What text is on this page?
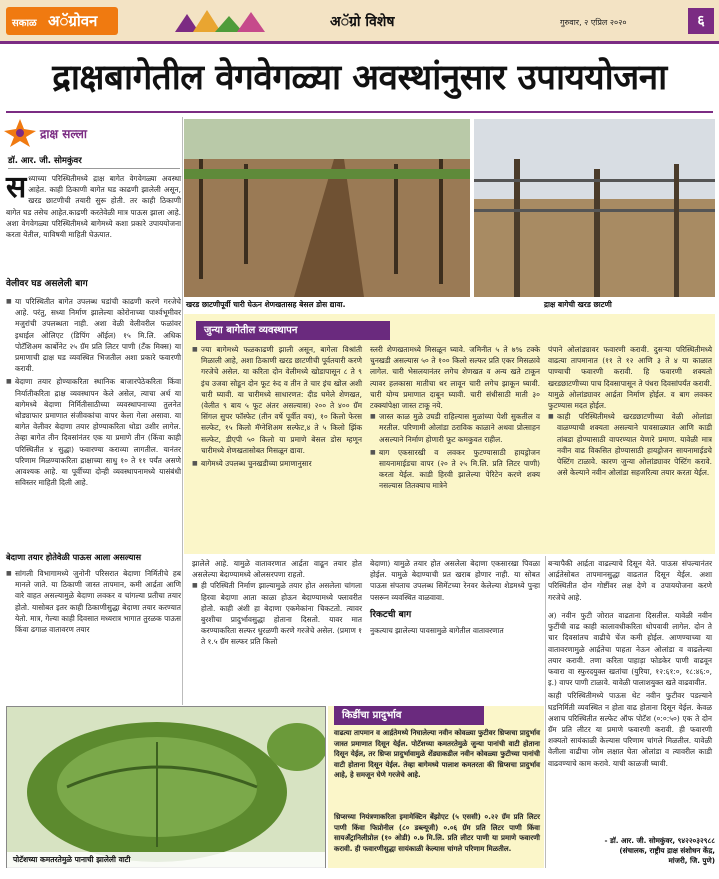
सकाळ अॅग्रोवन	अॅग्रो विशेष	गुरुवार, २ एप्रिल २०२०	६
द्राक्षबागेतील वेगवेगळ्या अवस्थांनुसार उपाययोजना
द्राक्ष सल्ला
डॉ. आर. जी. सोमकुंवर
स ध्याच्या परिस्थितीमध्ये द्राक्ष बागेत वेगवेगळ्या अवस्था आहेत. काही ठिकाणी बागेत घड काढणी झालेली असून, खरड छाटणीची तयारी सुरू होती. तर काही ठिकाणी बागेत घड तसेच आहेत.काढणी करतेवेळी मात्र पाऊस झाला आहे. अशा वेगवेगळ्या परिस्थितीमध्ये बागेमध्ये कशा प्रकारे उपाययोजना करता येतील, याविषयी माहिती घेऊयात.

वेलीवर घड असलेली बाग
■ या परिस्थितीत बागेत उपलब्ध घडांची काढणी करणे गरजेचे आहे. परंतु, सध्या निर्माण झालेल्या कोरोनाच्या पार्श्वभूमीवर मजुरांची उपलब्धता नाही. अशा वेळी वेलीवरील फळांवर इथाईल ओलिएट (डिपिंग ऑईल) १५ मि.लि. अधिक पोटॅशिअम कार्बोनेट २५ ग्रॅम प्रति लिटर पाणी (टँक मिक्स) या प्रमाणाची द्राक्ष घड व्यवस्थित भिजतील अशा प्रकारे फवारणी करावी.
■ बेदाणा तयार होण्याकरिता स्थानिक बाजारपेठेकरिता किंवा निर्यातीकरिता द्राक्ष व्यवस्थापन केले असेल, त्याचा अर्थ या बागेमध्ये बेदाणा निर्मितीसाठीच्या व्यवस्थापनाच्या तुलनेत थोड्याफार प्रमाणात संजीवकांचा वापर केला गेला असावा. या बागेत वेलीवर बेदाणा तयार होण्याकरिता थोडा उशीर लागेल. तेव्हा बागेत तीन दिवसांनंतर एक या प्रमाणे तीन (किंवा काही परिस्थितीत ४ सुद्धा) फवारण्या कराव्या लागतील. यानंतर परिणाम मिळण्याकरिता द्राक्षाच्या साधु १० ते ११ पर्यंत असणे आवश्यक आहे. या पूर्वीच्या दोन्ही व्यवस्थापनामध्ये यासंबंधी सविस्तर माहिती दिली आहे.
बेदाणा तयार होतेवेळी पाऊस आला असल्यास
■ सांगली विभागामध्ये जुनोनी परिसरात बेदाणा निर्मितीचे हब मानले जाते. या ठिकाणी जास्त तापमान, कमी आर्द्रता आणि वारे वाहत असल्यामुळे बेदाणा लवकर व चांगल्या प्रतीचा तयार होतो. यासोबत इतर काही ठिकाणीसुद्धा बेदाणा तयार करण्यात येतो. मात्र, गेल्या काही दिवसात मध्यरात्र भागात तुरळक पाऊस किंवा ढगाळ वातावरण तयार
खरड छाटणीपूर्वी चारी घेऊन शेणखतासह बेसल डोस द्यावा.	द्राक्ष बागेची खरड छाटणी
जुन्या बागेतील व्यवस्थापन
■ ज्या बागेमध्ये फळकाढणी झाली असून, बागेला विश्रांती मिळाली आहे, अशा ठिकाणी खरड छाटणीची पूर्वतयारी करणे गरजेचे असेल. या करिता दोन वेलीमध्ये खोडापासून ८ ते ९ इंच उजवा सोडून दोन फूट रुंद व तीन ते चार इंच खोल अशी चारी घ्यावी. या चारीमध्ये साधारणत: दीड घमेले शेणखत, (वेलीत ९ बाय ५ फूट अंतर असल्यास) २०० ते ४०० ग्रॅम सिंगल सुपर फॉस्फेट (तीन वर्षे पूर्वीत वय), १० किलो फेरस सल्फेट, १५ किलो मॅग्नेशिअम सल्फेट,४ ते ५ किलो झिंक सल्फेट, डीएपी ५० किलो या प्रमाणे बेसल डोस म्हणून चारीमध्ये शेणखतासोबत मिसळून द्यावा.
■ बागेमध्ये उपलब्ध चुनखडीच्या प्रमाणानुसार

स्लरी शेणखतामध्ये मिसळून घ्यावे. जमिनीत ५ ते ७% टक्के चुनखडी असल्यास ५० ते १०० किलो सल्फर प्रति एकर मिसळावे लागेल. चारी भेसलयानंतर लगेच शेणखत व अन्य खते टाकून त्यावर हलकासा मातीचा थर लावून चारी लगेच झाकून घ्यावी. चारी योग्य प्रमाणात दाबून घ्यावी. चारी संधीसाठी माती ३० टक्क्यांपेक्षा जास्त टाकू नये.

■ जास्त काळ मुळे उघडी राहिल्यास मुळांच्या पेशी सुकतील व मरतील. परिणामी ओलांडा ठराविक काळाने अथवा प्रोत्साहन असल्याने निर्माण होणारी फूट कमकुवत राहील.
■ बाग एकसारखी व लवकर फुटण्यासाठी हायड्रोजन सायनामाईडचा वापर (२० ते २५ मि.लि. प्रति लिटर पाणी) करता येईल. काडी हिरवी झालेल्या पेरिटेन करणे शक्य नसल्यास तितक्याच मात्रेने

पंपाने ओलांड्यावर फवारणी करावी. दुसऱ्या परिस्थितीमध्ये वाढत्या तापमानात (११ ते १२ आणि ३ ते ४ या काळात पाण्याची फवारणी करावी. हि फवारणी शक्यतो खरडछाटणीच्या पाच दिवसापासून ते पंधरा दिवसांपर्यंत करावी. यामुळे ओलांड्यावर आर्द्रता निर्माण होईल. व बाग लवकर फुटण्यास मदत होईल.

■ काही परिस्थितीमध्ये खरडछाटणीच्या वेळी ओलांडा वाळण्याची शक्यता असल्याने पावसाळ्यात आणि काडी तांबडा होण्यासाठी वापरण्यात येणारे प्रमाण. यावेळी मात्र नवीन वाढ विकसित होण्यासाठी हायड्रोजन सायनामाईडचे पेस्टिंग टाळावे. कारण जुन्या ओलांड्यावर पेस्टिंग करावे. असे केल्याने नवीन ओलांडा सहजरित्या तयार करता येईल.

झालेले आहे. यामुळे वातावरणात आर्द्रता वाढून तयार होत असलेल्या बेदाण्यामध्ये ओलसरपणा राहतो.

■ ही परिस्थिती निर्माण झाल्यामुळे तयार होत असलेला चांगला हिरवा बेदाणा आता काळा होऊन बेदाण्यामध्ये फ्लावरीत होतो. काही अंशी हा बेदाणा एकमेकांना चिकटतो. त्यावर बुरशीचा प्रादुर्भावसुद्धा होताना दिसतो. यावर मात करण्याकरिता सल्फर धुरळणी करणे गरजेचे असेल. (प्रमाण १ ते १.५ ग्रॅम सल्फर प्रति किलो

बेदाणा) यामुळे तयार होत असलेला बेदाणा एकसारखा पिवळा होईल. यामुळे बेदाण्याची प्रत खराब होणार नाही. या सोबत पाऊस संपताच उपलब्ध सिमेंटच्या रेनवर केलेल्या शेडमध्ये पुन्हा पसरून व्यवस्थित वाळवावा.

रिकटची बाग

नुकत्याच झालेल्या पावसामुळे बागेतील वातावरणात

बऱ्यापैकी आर्द्रता वाढल्याचे दिसून येते. पाऊस संपल्यानंतर आर्द्रतेसोबत तापमानसुद्धा वाढतात दिसून येईल. अशा परिस्थितीत दोन गोष्टींवर लक्ष देणे व उपाययोजना करणे गरजेचे आहे.

पोटॅशच्या कमतरतेमुळे पानाची झालेली वाटी
किडींचा प्रादुर्भाव

वाढत्या तापमान व आर्द्रतेमध्ये निघालेल्या नवीन कोवळ्या फुटीवर थ्रिप्सचा प्रादुर्भाव जास्त प्रमाणात दिसून येईल. पोटॅशच्या कमतरतेमुळे जुन्या पानांची वाटी होताना दिसून येईल, तर थ्रिप्स प्रादुर्भावामुळे शेंड्याकडील नवीन कोवळ्या फुटीच्या पानांची वाटी होताना दिसून येईल. तेव्हा बागेमध्ये पालाश कमतरता की थ्रिप्सचा प्रादुर्भाव आहे, हे समजून घेणे गरजेचे आहे.

थ्रिप्सच्या नियंत्रणाकरिता इमामेक्टिन बेंझोएट (५ एससी) ०.२२ ग्रॅम प्रति लिटर पाणी किंवा फिप्रोनील (८० डब्ल्यूजी) ०.०६ ग्रॅम प्रति लिटर पाणी किंवा सायअँट्रानिलीप्रोल (१० ओडी) ०.७ मि.लि. प्रति लीटर पाणी या प्रमाणे फवारणी करावी. ही फवारणीसुद्धा सायंकाळी केल्यास चांगले परिणाम मिळतील.

अ) नवीन फुटी जोरात वाढताना दिसतील. यावेळी नवीन फुटींची वाढ काही कालावधीकरिता थोपवावी लागेल. दोन ते चार दिवसांतच वाढीचे चेंज कमी होईल. आणण्याच्या या वातावरणामुळे आर्द्रतेचा पाहता नेऊन ओलांडा व वाढलेल्या तयार करावी. तणा करिता पाहाड़ा फोडकेर पाणी वाढवून फवारा वा स्फुरदयुक्त खतांचा (युरिया, १२:६१:०, १८:४६:०, इ.) वापर पाणी टाळावे. यावेळी पालाशयुक्त खते वाढवावीत.

काही परिस्थितीमध्ये पाऊस थेट नवीन फुटीवर पडल्याने घडनिर्मिती व्यवस्थित न होता वाढ होताना दिसून येईल. केवळ अशाच परिस्थितीत सल्फेट ऑफ पोटॅश (०:०:५०) एक ते दोन ग्रॅम प्रति लीटर या प्रमाणे फवारणी करावी. ही फवारणी शक्यतो सायंकाळी केल्यास परिणाम चांगले मिळतील. यावेळी वेलीला वाढीचा जोम लक्षात घेता ओलांडा व त्यावरील काडी वाढवण्याचे काम करावे. याची काळजी घ्यावी.

- डॉ. आर. जी. सोमकुंवर, ९४२२०३२९८८
(संचालक, राष्ट्रीय द्राक्ष संशोधन केंद्र,
मांजरी, जि. पुणे)
